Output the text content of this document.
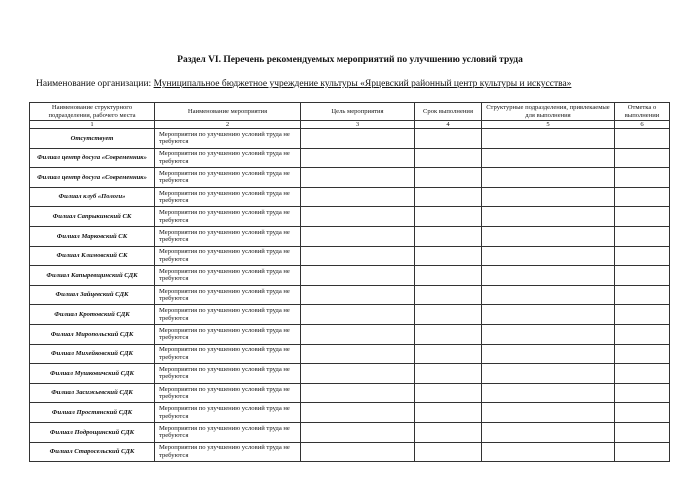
Раздел VI. Перечень рекомендуемых мероприятий по улучшению условий труда
Наименование организации: Муниципальное бюджетное учреждение культуры «Ярцевский районный центр культуры и искусства»
Наименование структурного подразделения, рабочего места	Наименование мероприятия	Цель мероприятия	Срок выполнения	Структурные подразделения, привлекаемые для выполнения	Отметка о выполнении
1	2	3	4	5	6
Отсутствует	Мероприятия по улучшению условий труда не требуются				
Филиал центр досуга «Современник»	Мероприятия по улучшению условий труда не требуются				
Филиал центр досуга «Современник»	Мероприятия по улучшению условий труда не требуются				
Филиал клуб «Пологи»	Мероприятия по улучшению условий труда не требуются				
Филиал Сапрыкинский СК	Мероприятия по улучшению условий труда не требуются				
Филиал Марковский СК	Мероприятия по улучшению условий труда не требуются				
Филиал Климовский СК	Мероприятия по улучшению условий труда не требуются				
Филиал Капыревщинский СДК	Мероприятия по улучшению условий труда не требуются				
Филиал Зайцевский СДК	Мероприятия по улучшению условий труда не требуются				
Филиал Кротовский СДК	Мероприятия по улучшению условий труда не требуются				
Филиал Миропольский СДК	Мероприятия по улучшению условий труда не требуются				
Филиал Михейковский СДК	Мероприятия по улучшению условий труда не требуются				
Филиал Мушковичский СДК	Мероприятия по улучшению условий труда не требуются				
Филиал Засижьевский СДК	Мероприятия по улучшению условий труда не требуются				
Филиал Простянский СДК	Мероприятия по улучшению условий труда не требуются				
Филиал Подрощинский СДК	Мероприятия по улучшению условий труда не требуются				
Филиал Старосельский СДК	Мероприятия по улучшению условий труда не требуются				
